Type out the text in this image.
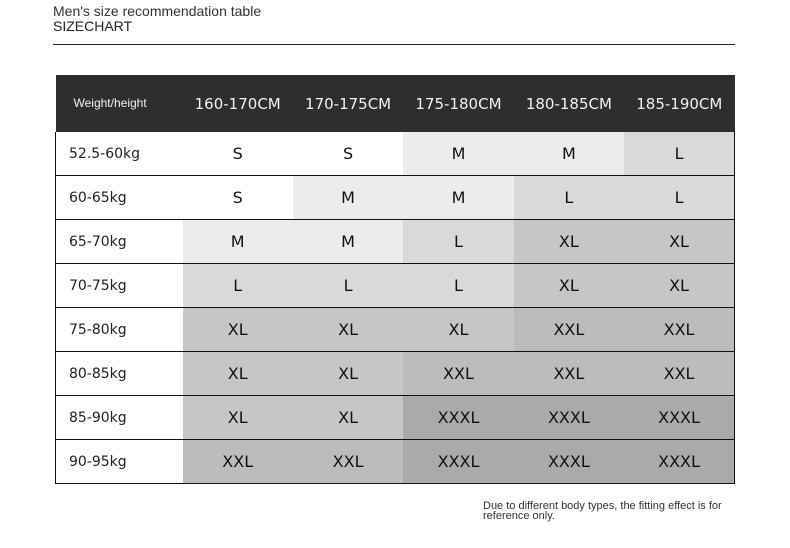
Men's size recommendation table
SIZECHART
Weight/height	160-170CM	170-175CM	175-180CM	180-185CM	185-190CM
52.5-60kg	S	S	M	M	L
60-65kg	S	M	M	L	L
65-70kg	M	M	L	XL	XL
70-75kg	L	L	L	XL	XL
75-80kg	XL	XL	XL	XXL	XXL
80-85kg	XL	XL	XXL	XXL	XXL
85-90kg	XL	XL	XXXL	XXXL	XXXL
90-95kg	XXL	XXL	XXXL	XXXL	XXXL
Due to different body types, the fitting effect is for reference only.
